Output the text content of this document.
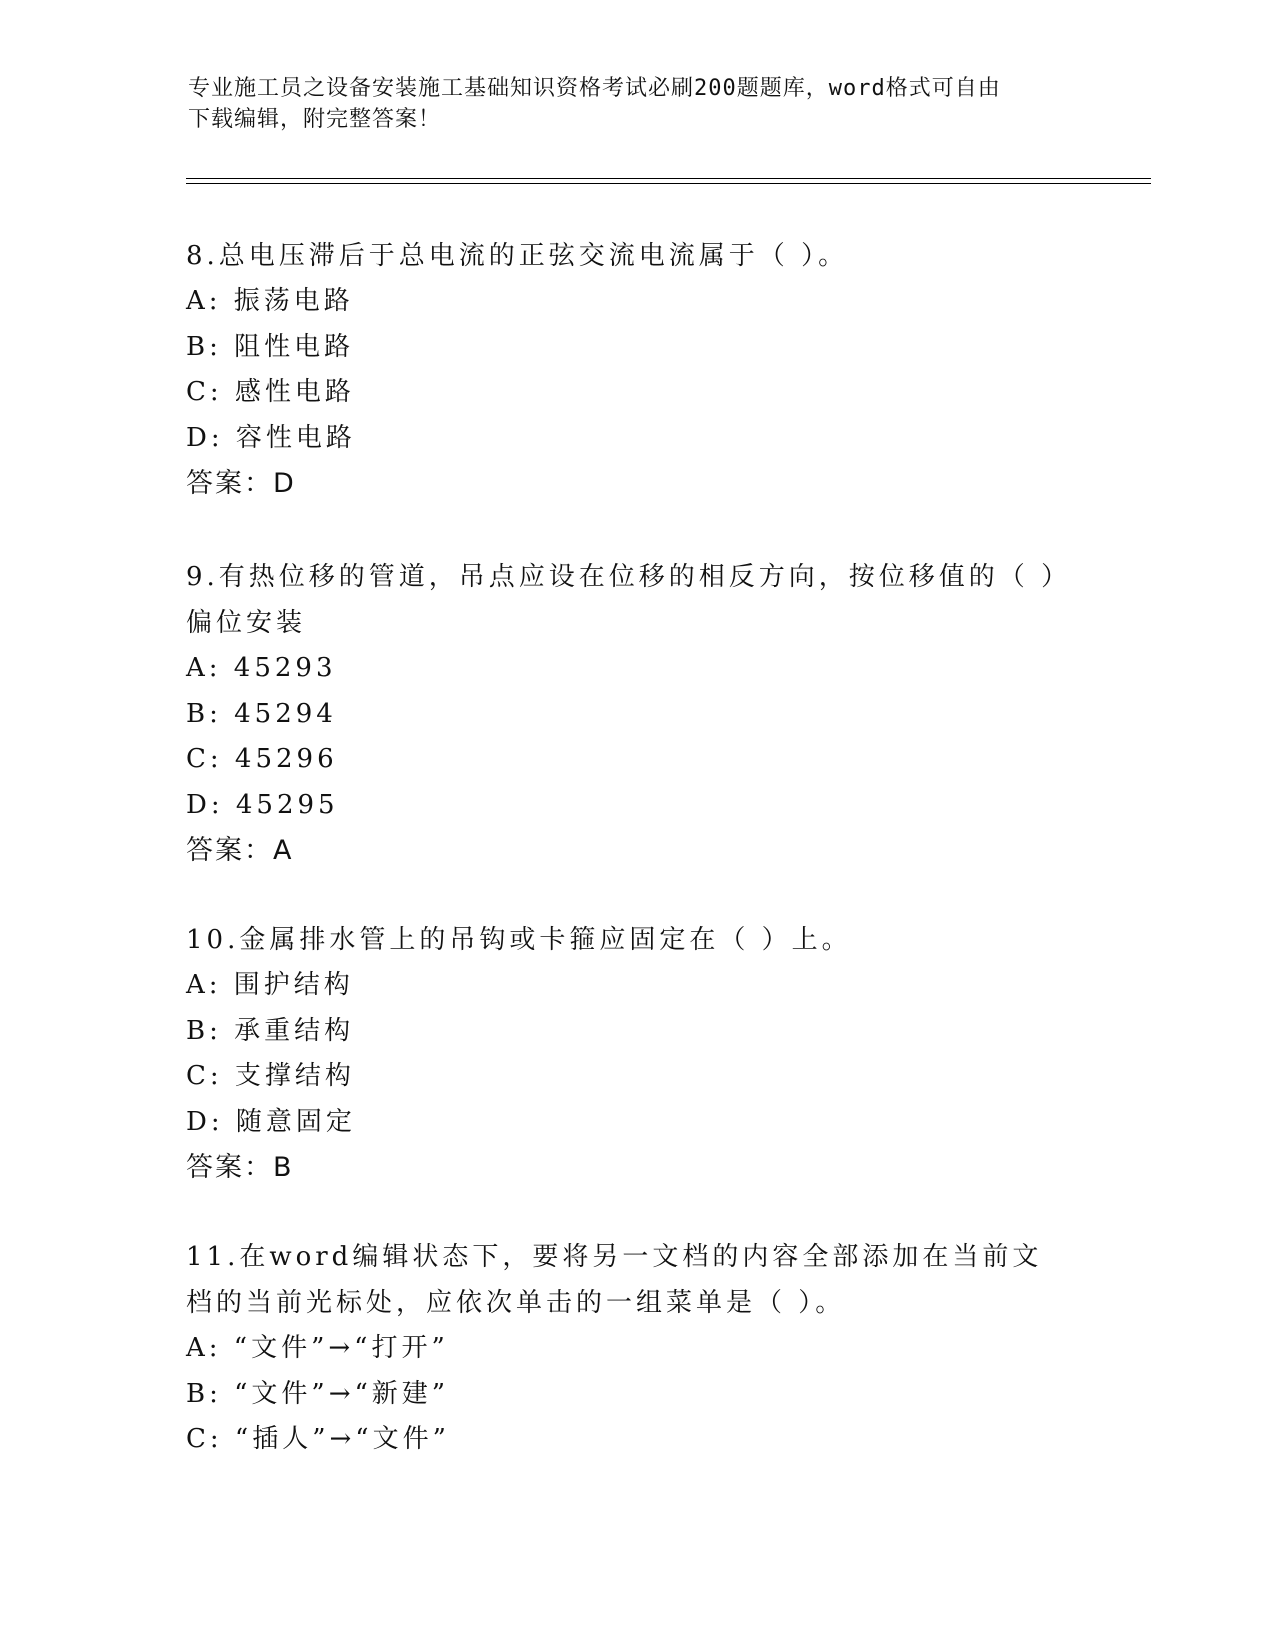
专业施工员之设备安装施工基础知识资格考试必刷200题题库，word格式可自由
下载编辑，附完整答案！
8.总电压滞后于总电流的正弦交流电流属于（ ）。
A: 振荡电路
B: 阻性电路
C: 感性电路
D: 容性电路
答案：D
9.有热位移的管道，吊点应设在位移的相反方向，按位移值的（ ）偏位安装
A: 45293
B: 45294
C: 45296
D: 45295
答案：A
10.金属排水管上的吊钩或卡箍应固定在（ ）上。
A: 围护结构
B: 承重结构
C: 支撑结构
D: 随意固定
答案：B
11.在word编辑状态下，要将另一文档的内容全部添加在当前文档的当前光标处，应依次单击的一组菜单是（ ）。
A: “文件”→“打开”
B: “文件”→“新建”
C: “插人”→“文件”
